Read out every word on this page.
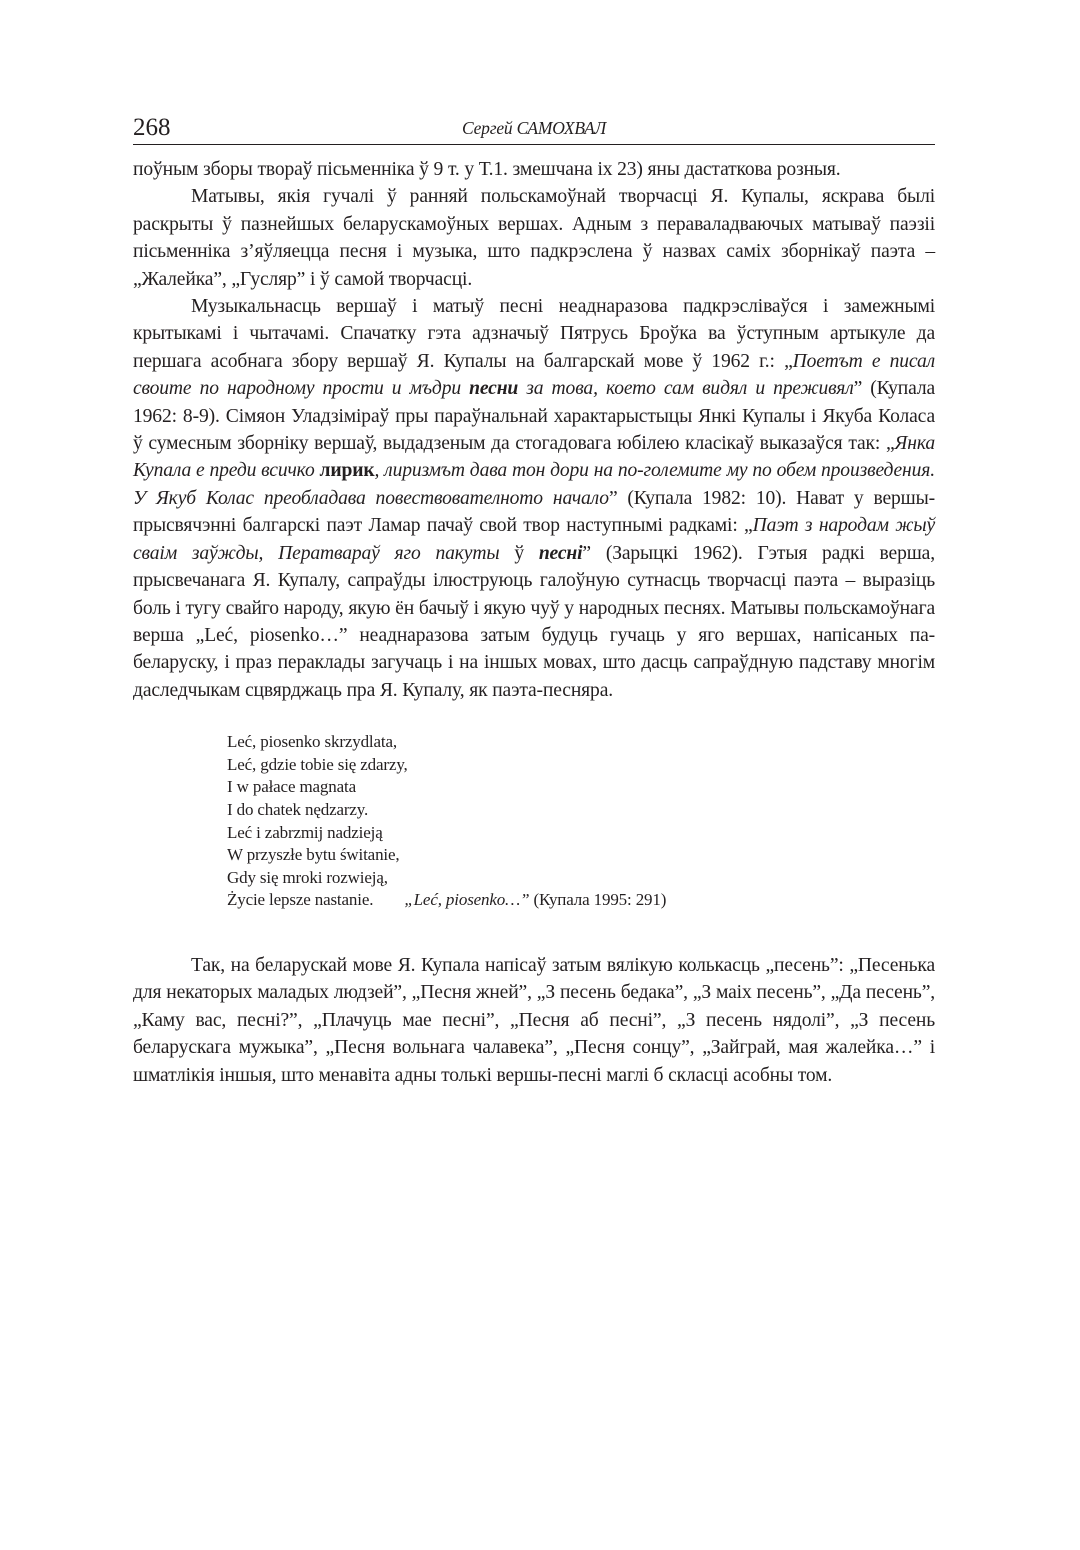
268	Сергей САМОХВАЛ

поўным зборы твораў пісьменніка ў 9 т. у Т.1. змешчана іх 23) яны дастаткова розныя.

Матывы, якія гучалі ў ранняй польскамоўнай творчасці Я. Купалы, яскрава былі раскрыты ў пазнейшых беларускамоўных вершах. Адным з пераваладваючых матываў паэзіі пісьменніка з’яўляецца песня і музыка, што падкрэслена ў назвах саміх зборнікаў паэта – „Жалейка”, „Гусляр” і ў самой творчасці.

Музыкальнасць вершаў і матыў песні неаднаразова падкрэсліваўся і замежнымі крытыкамі і чытачамі. Спачатку гэта адзначыў Пятрусь Броўка ва ўступным артыкуле да першага асобнага збору вершаў Я. Купалы на балгарскай мове ў 1962 г.: „Поетът е писал своите по народному прости и мъдри песни за това, което сам видял и преживял” (Купала 1962: 8-9). Сімяон Уладзіміраў пры параўнальнай характарыстыцы Янкі Купалы і Якуба Коласа ў сумесным зборніку вершаў, выдадзеным да стогадовага юбілею класікаў выказаўся так: „Янка Купала е преди всичко лирик, лиризмът дава тон дори на по-големите му по обем произведения. У Якуб Колас преобладава повествователното начало” (Купала 1982: 10). Нават у вершы-прысвячэнні балгарскі паэт Ламар пачаў свой твор наступнымі радкамі: „Паэт з народам жыў сваім заўжды, Ператвараў яго пакуты ў песні” (Зарыцкі 1962). Гэтыя радкі верша, прысвечанага Я. Купалу, сапраўды ілюструюць галоўную сутнасць творчасці паэта – выразіць боль і тугу свайго народу, якую ён бачыў і якую чуў у народных песнях. Матывы польскамоўнага верша „Leć, piosenko…” неаднаразова затым будуць гучаць у яго вершах, напісаных па-беларуску, і праз пераклады загучаць і на іншых мовах, што дасць сапраўдную падставу многім даследчыкам сцвярджаць пра Я. Купалу, як паэта-песняра.

Leć, piosenko skrzydlata,
Leć, gdzie tobie się zdarzy,
I w pałace magnata
I do chatek nędzarzy.
Leć i zabrzmij nadzieją
W przyszłe bytu świtanie,
Gdy się mroki rozwieją,
Życie lepsze nastanie. „Leć, piosenko…” (Купала 1995: 291)

Так, на беларускай мове Я. Купала напісаў затым вялікую колькасць „песень”: „Песенька для некаторых маладых людзей”, „Песня жней”, „З песень бедака”, „З маіх песень”, „Да песень”, „Каму вас, песні?”, „Плачуць мае песні”, „Песня аб песні”, „З песень нядолі”, „З песень беларускага мужыка”, „Песня вольнага чалавека”, „Песня сонцу”, „Зайграй, мая жалейка…” і шматлікія іншыя, што менавіта адны толькі вершы-песні маглі б скласці асобны том.
